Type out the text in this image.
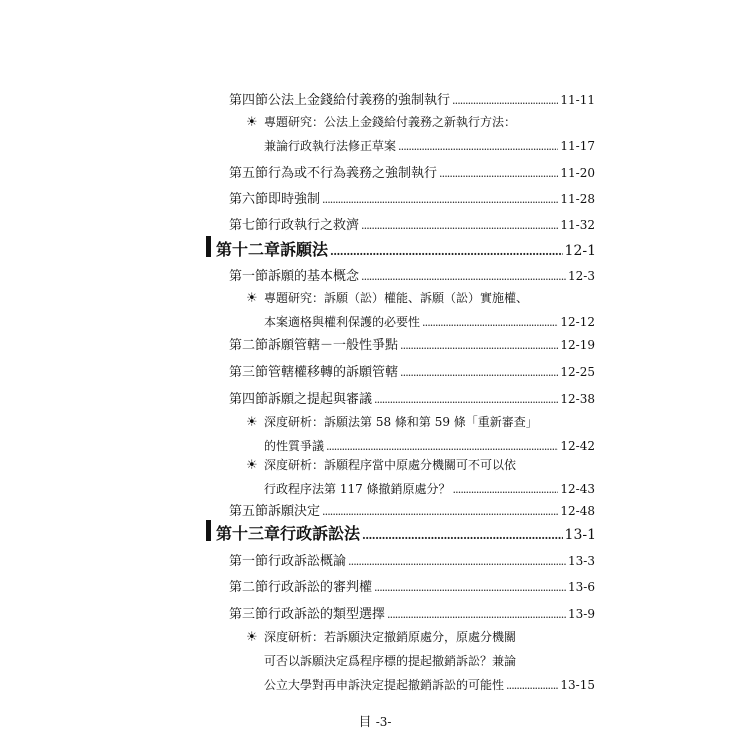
第四節 公法上金錢給付義務的強制執行 . . .	11-11
☀ 專題研究：公法上金錢給付義務之新執行方法：
兼論行政執行法修正草案 . . .	11-17
第五節 行為或不行為義務之強制執行 . . .	11-20
第六節 即時強制 . . .	11-28
第七節 行政執行之救濟 . . .	11-32
第十二章 訴願法 . . .	12-1
第一節 訴願的基本概念 . . .	12-3
☀ 專題研究：訴願（訟）權能、訴願（訟）實施權、
本案適格與權利保護的必要性 . . .	12-12
第二節 訴願管轄－一般性爭點 . . .	12-19
第三節 管轄權移轉的訴願管轄 . . .	12-25
第四節 訴願之提起與審議 . . .	12-38
☀ 深度研析：訴願法第 58 條和第 59 條「重新審查」
的性質爭議 . . .	12-42
☀ 深度研析：訴願程序當中原處分機關可不可以依
行政程序法第 117 條撤銷原處分？ . . .	12-43
第五節 訴願決定 . . .	12-48
第十三章 行政訴訟法 . . .	13-1
第一節 行政訴訟概論 . . .	13-3
第二節 行政訴訟的審判權 . . .	13-6
第三節 行政訴訟的類型選擇 . . .	13-9
☀ 深度研析：若訴願決定撤銷原處分，原處分機關
可否以訴願決定爲程序標的提起撤銷訴訟？兼論
公立大學對再申訴決定提起撤銷訴訟的可能性 . . .	13-15
目 -3-
